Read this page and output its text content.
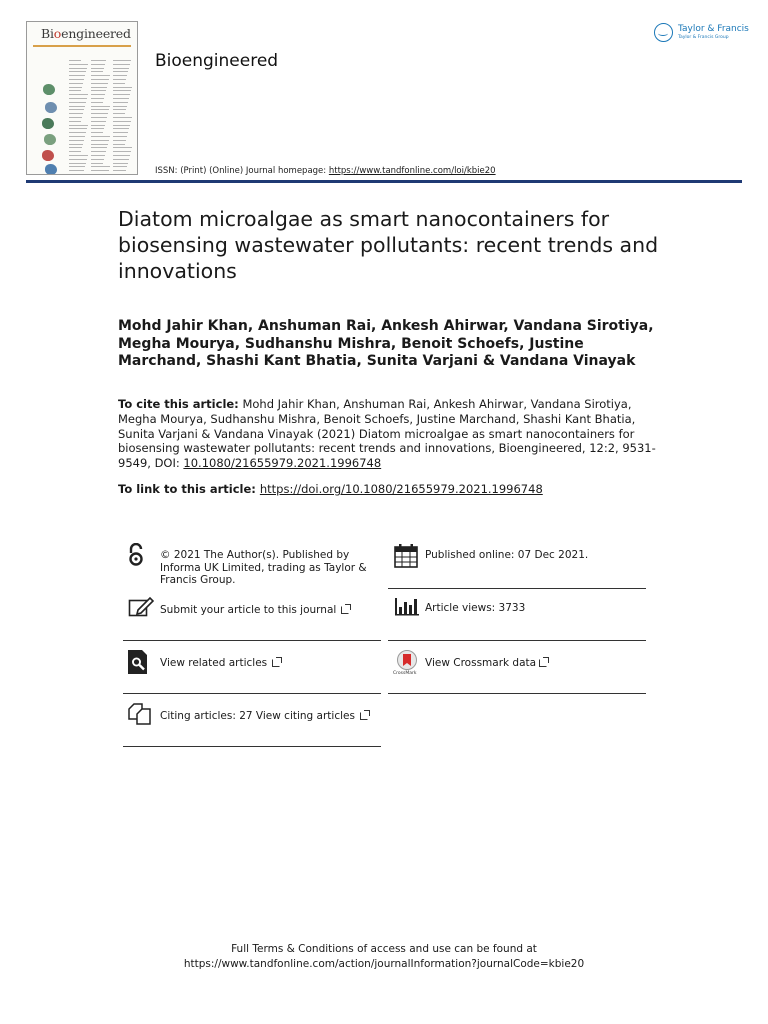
Bioengineered
Bioengineered
ISSN: (Print) (Online) Journal homepage: https://www.tandfonline.com/loi/kbie20
Taylor & Francis
Taylor & Francis Group
Diatom microalgae as smart nanocontainers for biosensing wastewater pollutants: recent trends and innovations
Mohd Jahir Khan, Anshuman Rai, Ankesh Ahirwar, Vandana Sirotiya, Megha Mourya, Sudhanshu Mishra, Benoit Schoefs, Justine Marchand, Shashi Kant Bhatia, Sunita Varjani & Vandana Vinayak
To cite this article: Mohd Jahir Khan, Anshuman Rai, Ankesh Ahirwar, Vandana Sirotiya, Megha Mourya, Sudhanshu Mishra, Benoit Schoefs, Justine Marchand, Shashi Kant Bhatia, Sunita Varjani & Vandana Vinayak (2021) Diatom microalgae as smart nanocontainers for biosensing wastewater pollutants: recent trends and innovations, Bioengineered, 12:2, 9531-9549, DOI: 10.1080/21655979.2021.1996748
To link to this article: https://doi.org/10.1080/21655979.2021.1996748
© 2021 The Author(s). Published by Informa UK Limited, trading as Taylor & Francis Group.
Submit your article to this journal
View related articles
Citing articles: 27 View citing articles
Published online: 07 Dec 2021.
Article views: 3733
CrossMark
View Crossmark data
Full Terms & Conditions of access and use can be found at
https://www.tandfonline.com/action/journalInformation?journalCode=kbie20
